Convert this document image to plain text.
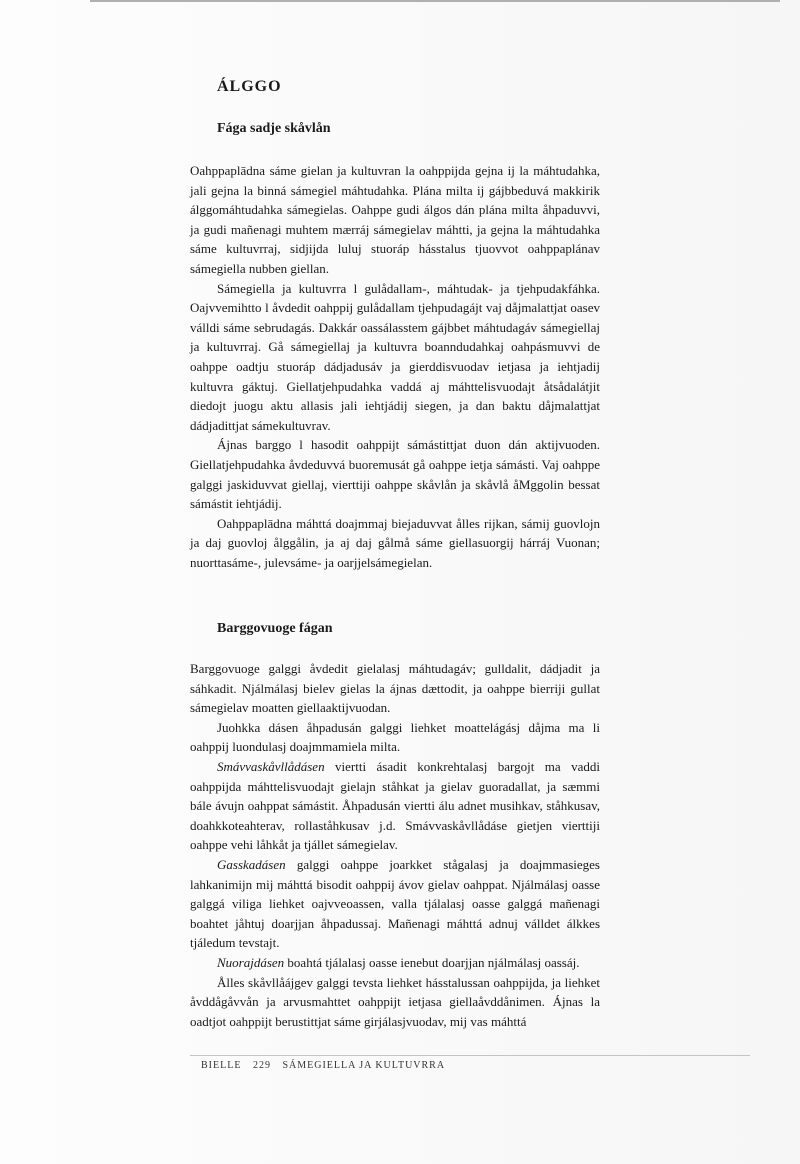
ÁLGGO
Fága sadje skåvlån

Oahppaplādna sáme gielan ja kultuvran la oahppijda gejna ij la máhtudahka, jali gejna la binná sámegiel máhtudahka. Plána milta ij gájbbeduvá makkirik álggomáhtudahka sámegielas. Oahppe gudi álgos dán plána milta åhpaduvvi, ja gudi mañenagi muhtem mærráj sámegielav máhtti, ja gejna la máhtudahka sáme kultuvrraj, sidjijda luluj stuoráp hásstalus tjuovvot oahppaplánav sámegiella nubben giellan.

Sámegiella ja kultuvrra l gulådallam-, máhtudak- ja tjehpudakfáhka. Oajvvemihtto l åvdedit oahppij gulådallam tjehpudagájt vaj dåjmalattjat oasev válldi sáme sebrudagás. Dakkár oassálasstem gájbbet máhtudagáv sámegiellaj ja kultuvrraj. Gå sámegiellaj ja kultuvra boanndudahkaj oahpásmuvvi de oahppe oadtju stuoráp dádjadusáv ja gierddisvuodav ietjasa ja iehtjadij kultuvra gáktuj. Giellatjehpudahka vaddá aj máhttelisvuodajt åtsådalátjit diedojt juogu aktu allasis jali iehtjádij siegen, ja dan baktu dåjmalattjat dádjadittjat sámekultuvrav.

Ájnas barggo l hasodit oahppijt sámástittjat duon dán aktijvuoden. Giellatjehpudahka åvdeduvvá buoremusát gå oahppe ietja sámásti. Vaj oahppe galggi jaskiduvvat giellaj, vierttiji oahppe skåvlån ja skåvlå åMggolin bessat sámástit iehtjádij.

Oahppaplādna máhttá doajmmaj biejaduvvat ålles rijkan, sámij guovlojn ja daj guovloj ålggålin, ja aj daj gålmå sáme giellasuorgij hárráj Vuonan; nuorttasáme-, julevsáme- ja oarjjelsámegielan.

Barggovuoge fágan

Barggovuoge galggi åvdedit gielalasj máhtudagáv; gulldalit, dádjadit ja sáhkadit. Njálmálasj bielev gielas la ájnas dættodit, ja oahppe bierriji gullat sámegielav moatten giellaaktijvuodan.

Juohkka dásen åhpadusán galggi liehket moattelágásj dåjma ma li oahppij luondulasj doajmmamiela milta.

Smávvaskåvllådásen viertti ásadit konkrehtalasj bargojt ma vaddi oahppijda máhttelisvuodajt gielajn ståhkat ja gielav guoradallat, ja sæmmi bále ávujn oahppat sámástit. Åhpadusán viertti álu adnet musihkav, ståhkusav, doahkkoteahterav, rollaståhkusav j.d. Smávvaskåvllådáse gietjen vierttiji oahppe vehi låhkåt ja tjállet sámegielav.

Gasskadásen galggi oahppe joarkket stågalasj ja doajmmasieges lahkanimijn mij máhttá bisodit oahppij ávov gielav oahppat. Njálmálasj oasse galggá viliga liehket oajvveoassen, valla tjálalasj oasse galggá mañenagi boahtet jåhtuj doarjjan åhpadussaj. Mañenagi máhttá adnuj válldet álkkes tjáledum tevstajt.

Nuorajdásen boahtá tjálalasj oasse ienebut doarjjan njálmálasj oassáj.

Ålles skåvllåájgev galggi tevsta liehket hásstalussan oahppijda, ja liehket åvddågåvvån ja arvusmahttet oahppijt ietjasa giellaåvddånimen. Ájnas la oadtjot oahppijt berustittjat sáme girjálasjvuodav, mij vas máhttá

BIELLE 229 SÁMEGIELLA JA KULTUVRRA
